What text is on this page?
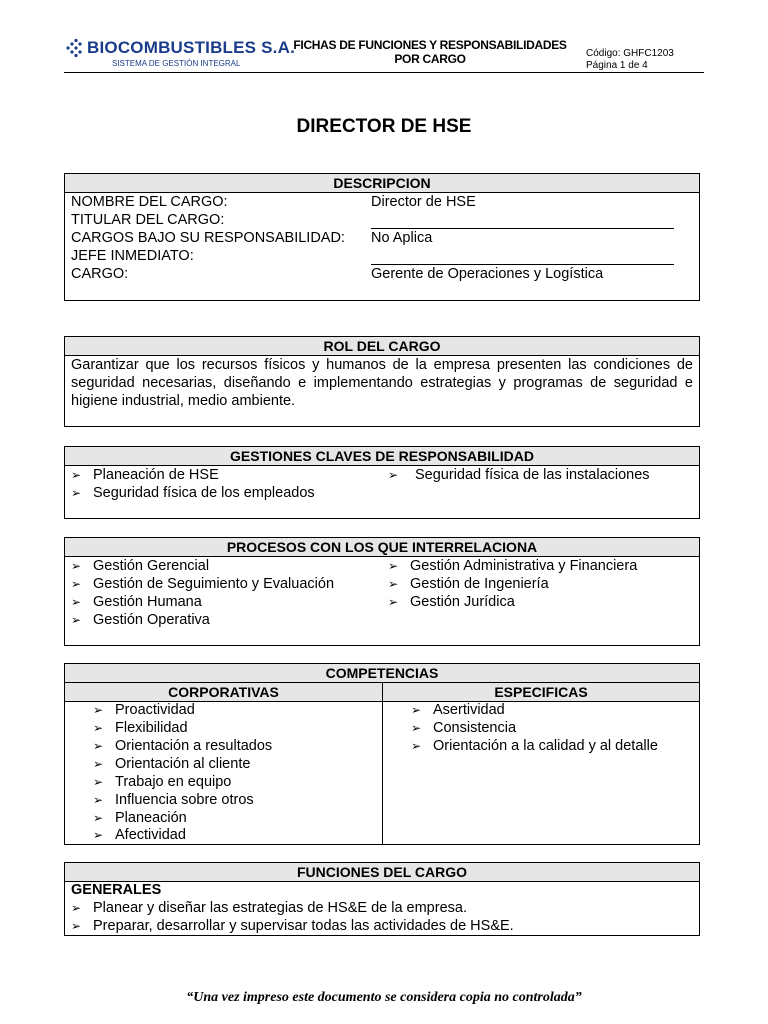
BIOCOMBUSTIBLES S.A.
SISTEMA DE GESTIÓN INTEGRAL
FICHAS DE FUNCIONES Y RESPONSABILIDADES
POR CARGO	Código: GHFC1203
Página 1 de 4
DIRECTOR DE HSE
DESCRIPCION
NOMBRE DEL CARGO:	Director de HSE
TITULAR DEL CARGO:
CARGOS BAJO SU RESPONSABILIDAD: No Aplica
JEFE INMEDIATO:
CARGO:	Gerente de Operaciones y Logística
ROL DEL CARGO
Garantizar que los recursos físicos y humanos de la empresa presenten las condiciones de seguridad necesarias, diseñando e implementando estrategias y programas de seguridad e higiene industrial, medio ambiente.
GESTIONES CLAVES DE RESPONSABILIDAD
➢ Planeación de HSE
➢ Seguridad física de los empleados
➢ Seguridad física de las instalaciones
PROCESOS CON LOS QUE INTERRELACIONA
➢ Gestión Gerencial
➢ Gestión de Seguimiento y Evaluación
➢ Gestión Humana
➢ Gestión Operativa
➢ Gestión Administrativa y Financiera
➢ Gestión de Ingeniería
➢ Gestión Jurídica
COMPETENCIAS
CORPORATIVAS	ESPECIFICAS
➢ Proactividad
➢ Flexibilidad
➢ Orientación a resultados
➢ Orientación al cliente
➢ Trabajo en equipo
➢ Influencia sobre otros
➢ Planeación
➢ Afectividad
➢ Asertividad
➢ Consistencia
➢ Orientación a la calidad y al detalle
FUNCIONES DEL CARGO
GENERALES
➢ Planear y diseñar las estrategias de HS&E de la empresa.
➢ Preparar, desarrollar y supervisar todas las actividades de HS&E.
“Una vez impreso este documento se considera copia no controlada”
